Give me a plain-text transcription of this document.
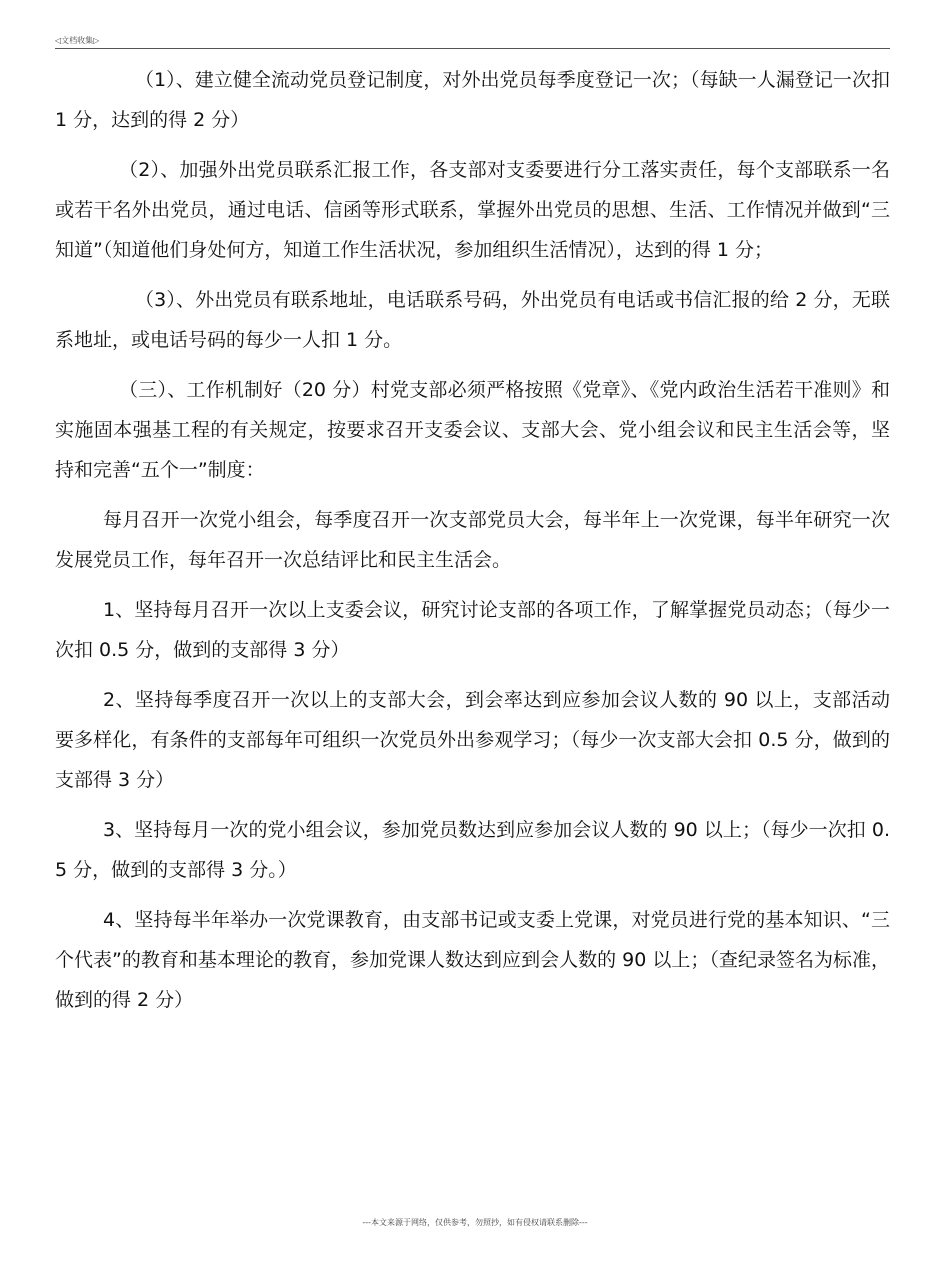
◁文档收集▷

（1）、建立健全流动党员登记制度，对外出党员每季度登记一次；（每缺一人漏登记一次扣 1 分，达到的得 2 分）

（2）、加强外出党员联系汇报工作，各支部对支委要进行分工落实责任，每个支部联系一名或若干名外出党员，通过电话、信函等形式联系，掌握外出党员的思想、生活、工作情况并做到“三知道”（知道他们身处何方，知道工作生活状况，参加组织生活情况），达到的得 1 分；

（3）、外出党员有联系地址，电话联系号码，外出党员有电话或书信汇报的给 2 分，无联系地址，或电话号码的每少一人扣 1 分。

（三）、工作机制好（20 分）村党支部必须严格按照《党章》、《党内政治生活若干准则》和实施固本强基工程的有关规定，按要求召开支委会议、支部大会、党小组会议和民主生活会等，坚持和完善“五个一”制度：

每月召开一次党小组会，每季度召开一次支部党员大会，每半年上一次党课，每半年研究一次发展党员工作，每年召开一次总结评比和民主生活会。

1、坚持每月召开一次以上支委会议，研究讨论支部的各项工作，了解掌握党员动态；（每少一次扣 0.5 分，做到的支部得 3 分）

2、坚持每季度召开一次以上的支部大会，到会率达到应参加会议人数的 90 以上，支部活动要多样化，有条件的支部每年可组织一次党员外出参观学习；（每少一次支部大会扣 0.5 分，做到的支部得 3 分）

3、坚持每月一次的党小组会议，参加党员数达到应参加会议人数的 90 以上；（每少一次扣 0.5 分，做到的支部得 3 分。）

4、坚持每半年举办一次党课教育，由支部书记或支委上党课，对党员进行党的基本知识、“三个代表”的教育和基本理论的教育，参加党课人数达到应到会人数的 90 以上；（查纪录签名为标准，做到的得 2 分）

---本文来源于网络，仅供参考，勿照抄，如有侵权请联系删除---
